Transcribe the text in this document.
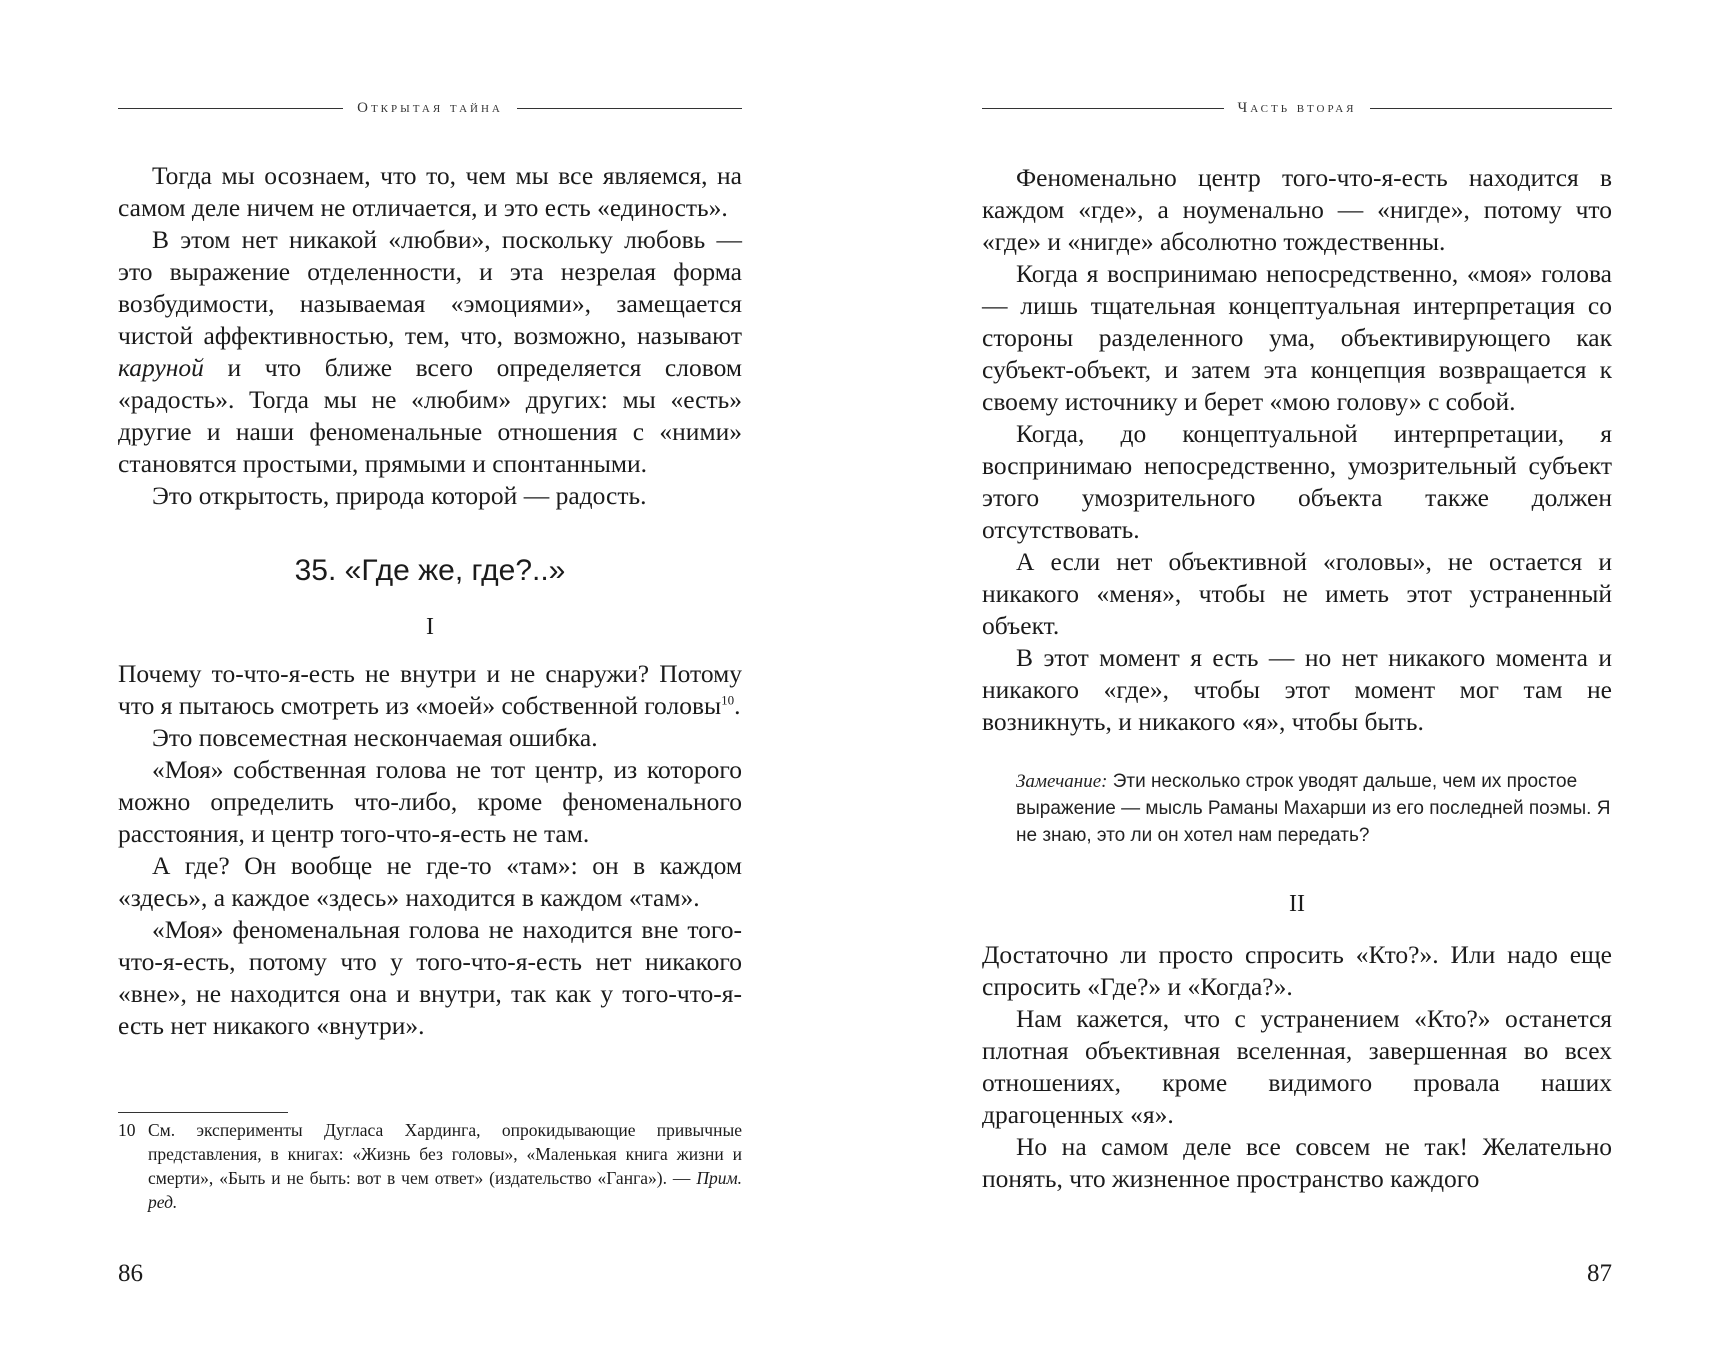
Открытая тайна

Тогда мы осознаем, что то, чем мы все являемся, на самом деле ничем не отличается, и это есть «единость».

В этом нет никакой «любви», поскольку любовь — это выражение отделенности, и эта незрелая форма возбудимости, называемая «эмоциями», замещается чистой аффективностью, тем, что, возможно, называют каруной и что ближе всего определяется словом «радость». Тогда мы не «любим» других: мы «есть» другие и наши феноменальные отношения с «ними» становятся простыми, прямыми и спонтанными.

Это открытость, природа которой — радость.

35. «Где же, где?..»
I

Почему то-что-я-есть не внутри и не снаружи? Потому что я пытаюсь смотреть из «моей» собственной головы$^{10}$.

Это повсеместная нескончаемая ошибка.

«Моя» собственная голова не тот центр, из которого можно определить что-либо, кроме феноменального расстояния, и центр того-что-я-есть не там.

А где? Он вообще не где-то «там»: он в каждом «здесь», а каждое «здесь» находится в каждом «там».

«Моя» феноменальная голова не находится вне того-что-я-есть, потому что у того-что-я-есть нет никакого «вне», не находится она и внутри, так как у того-что-я-есть нет никакого «внутри».

10 См. эксперименты Дугласа Хардинга, опрокидывающие привычные представления, в книгах: «Жизнь без головы», «Маленькая книга жизни и смерти», «Быть и не быть: вот в чем ответ» (издательство «Ганга»). — Прим. ред.
86
Часть вторая

Феноменально центр того-что-я-есть находится в каждом «где», а ноуменально — «нигде», потому что «где» и «нигде» абсолютно тождественны.

Когда я воспринимаю непосредственно, «моя» голова — лишь тщательная концептуальная интерпретация со стороны разделенного ума, объективирующего как субъект-объект, и затем эта концепция возвращается к своему источнику и берет «мою голову» с собой.

Когда, до концептуальной интерпретации, я воспринимаю непосредственно, умозрительный субъект этого умозрительного объекта также должен отсутствовать.

А если нет объективной «головы», не остается и никакого «меня», чтобы не иметь этот устраненный объект.

В этот момент я есть — но нет никакого момента и никакого «где», чтобы этот момент мог там не возникнуть, и никакого «я», чтобы быть.

Замечание: Эти несколько строк уводят дальше, чем их простое выражение — мысль Раманы Махарши из его последней поэмы. Я не знаю, это ли он хотел нам передать?
II

Достаточно ли просто спросить «Кто?». Или надо еще спросить «Где?» и «Когда?».

Нам кажется, что с устранением «Кто?» останется плотная объективная вселенная, завершенная во всех отношениях, кроме видимого провала наших драгоценных «я».

Но на самом деле все совсем не так! Желательно понять, что жизненное пространство каждого

87
